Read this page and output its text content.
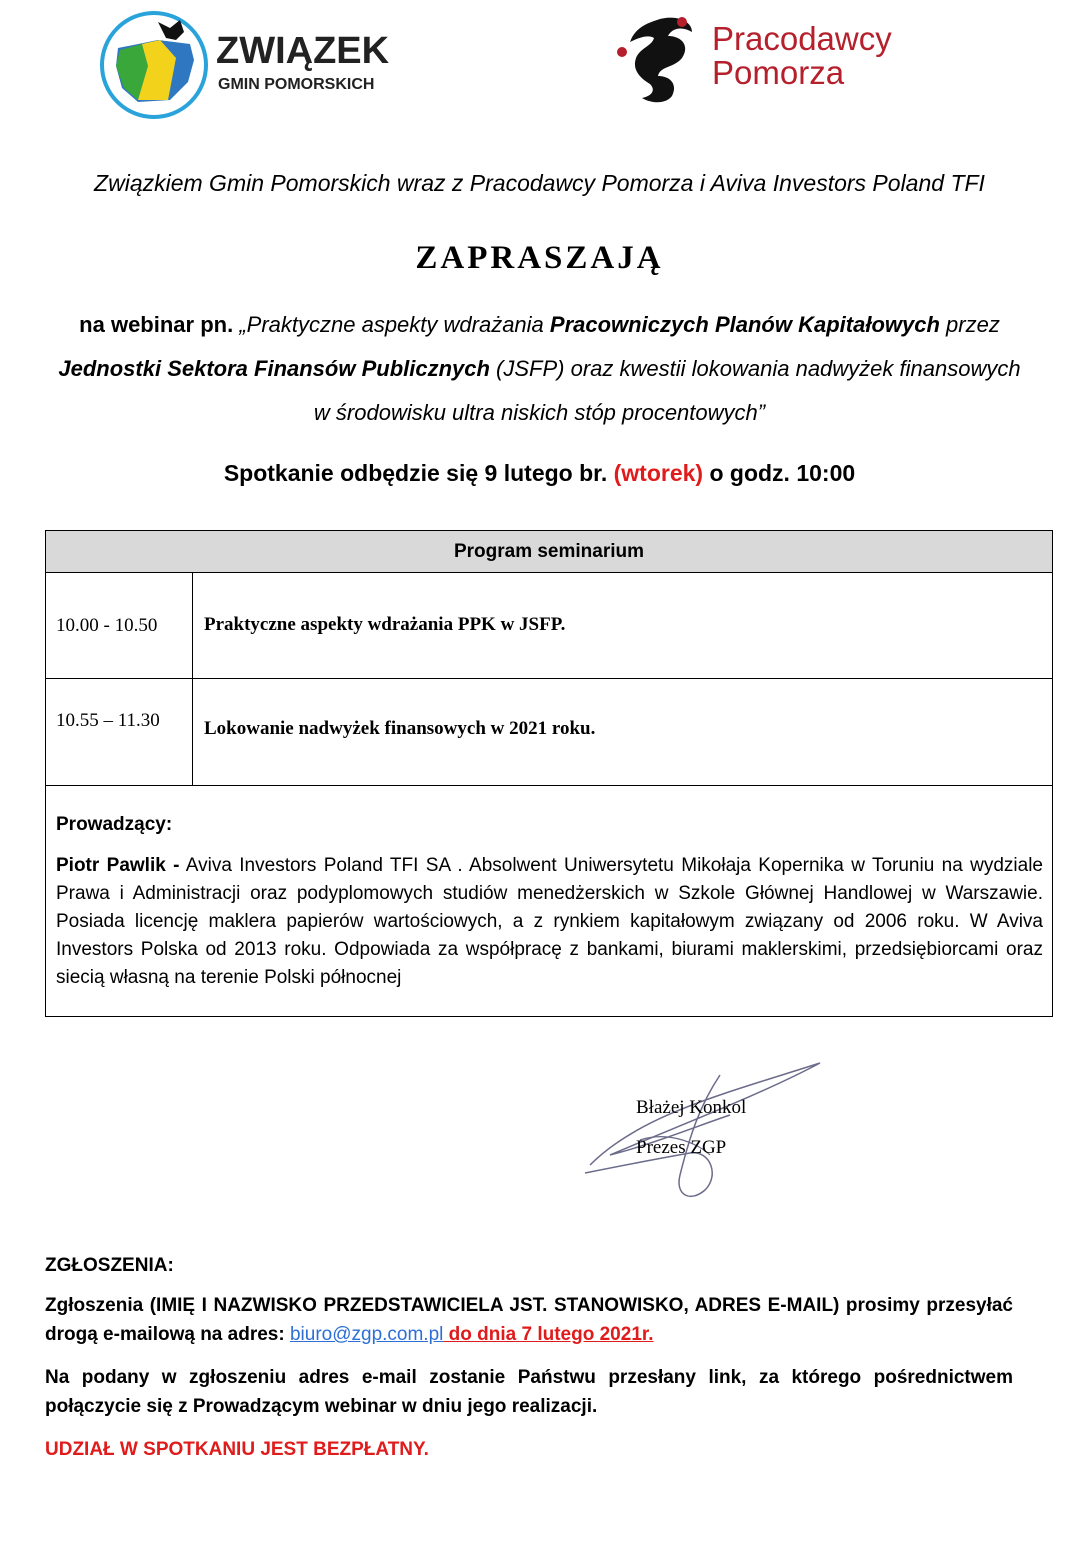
ZWIĄZEK
GMIN POMORSKICH
Pracodawcy
Pomorza
Związkiem Gmin Pomorskich wraz z Pracodawcy Pomorza i Aviva Investors Poland TFI
ZAPRASZAJĄ
na webinar pn. „Praktyczne aspekty wdrażania Pracowniczych Planów Kapitałowych przez
Jednostki Sektora Finansów Publicznych (JSFP) oraz kwestii lokowania nadwyżek finansowych
w środowisku ultra niskich stóp procentowych”
Spotkanie odbędzie się 9 lutego br. (wtorek) o godz. 10:00
Program seminarium
10.00 - 10.50 Praktyczne aspekty wdrażania PPK w JSFP.
10.55 – 11.30 Lokowanie nadwyżek finansowych w 2021 roku.
Prowadzący:
Piotr Pawlik - Aviva Investors Poland TFI SA . Absolwent Uniwersytetu Mikołaja Kopernika w Toruniu na wydziale Prawa i Administracji oraz podyplomowych studiów menedżerskich w Szkole Głównej Handlowej w Warszawie. Posiada licencję maklera papierów wartościowych, a z rynkiem kapitałowym związany od 2006 roku. W Aviva Investors Polska od 2013 roku. Odpowiada za współpracę z bankami, biurami maklerskimi, przedsiębiorcami oraz siecią własną na terenie Polski północnej
Błażej Konkol
Prezes ZGP
ZGŁOSZENIA:

Zgłoszenia (IMIĘ I NAZWISKO PRZEDSTAWICIELA JST. STANOWISKO, ADRES E-MAIL) prosimy przesyłać drogą e-mailową na adres: biuro@zgp.com.pl do dnia 7 lutego 2021r.

Na podany w zgłoszeniu adres e-mail zostanie Państwu przesłany link, za którego pośrednictwem połączycie się z Prowadzącym webinar w dniu jego realizacji.

UDZIAŁ W SPOTKANIU JEST BEZPŁATNY.
